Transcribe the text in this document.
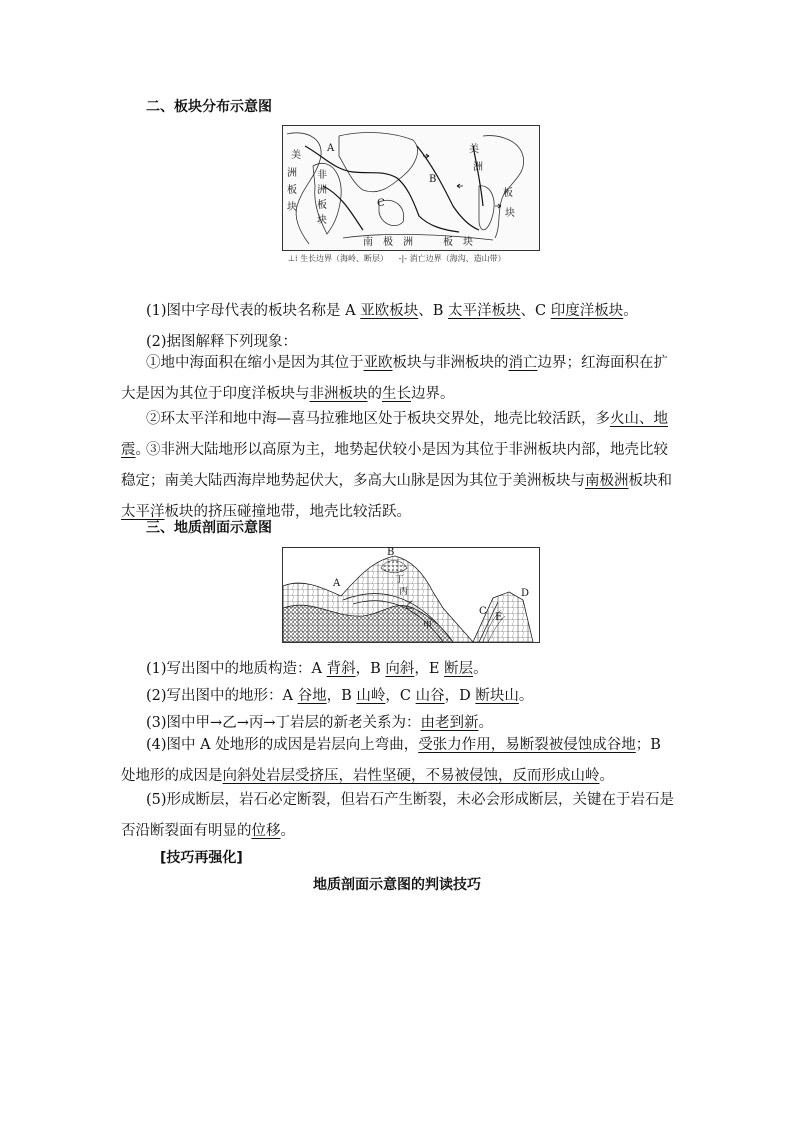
二、板块分布示意图
美
洲
板
块
A
B
C
非
洲
板
块
美
洲
板
块
南　极　洲　　　板　块
⊥⁞ 生长边界（海岭、断层） -|- 消亡边界（海沟、造山带）
(1)图中字母代表的板块名称是 A 亚欧板块、B 太平洋板块、C 印度洋板块。
(2)据图解释下列现象：
①地中海面积在缩小是因为其位于亚欧板块与非洲板块的消亡边界；红海面积在扩大是因为其位于印度洋板块与非洲板块的生长边界。
②环太平洋和地中海—喜马拉雅地区处于板块交界处，地壳比较活跃，多火山、地震。
③非洲大陆地形以高原为主，地势起伏较小是因为其位于非洲板块内部，地壳比较稳定；南美大陆西海岸地势起伏大，多高大山脉是因为其位于美洲板块与南极洲板块和太平洋板块的挤压碰撞地带，地壳比较活跃。
三、地质剖面示意图
B
A
C
D
E
丁
丙
乙
甲
(1)写出图中的地质构造：A 背斜，B 向斜，E 断层。
(2)写出图中的地形：A 谷地，B 山岭，C 山谷，D 断块山。
(3)图中甲→乙→丙→丁岩层的新老关系为：由老到新。
(4)图中 A 处地形的成因是岩层向上弯曲，受张力作用，易断裂被侵蚀成谷地；B 处地形的成因是向斜处岩层受挤压，岩性坚硬，不易被侵蚀，反而形成山岭。
(5)形成断层，岩石必定断裂，但岩石产生断裂，未必会形成断层，关键在于岩石是否沿断裂面有明显的位移。
[技巧再强化]
地质剖面示意图的判读技巧
